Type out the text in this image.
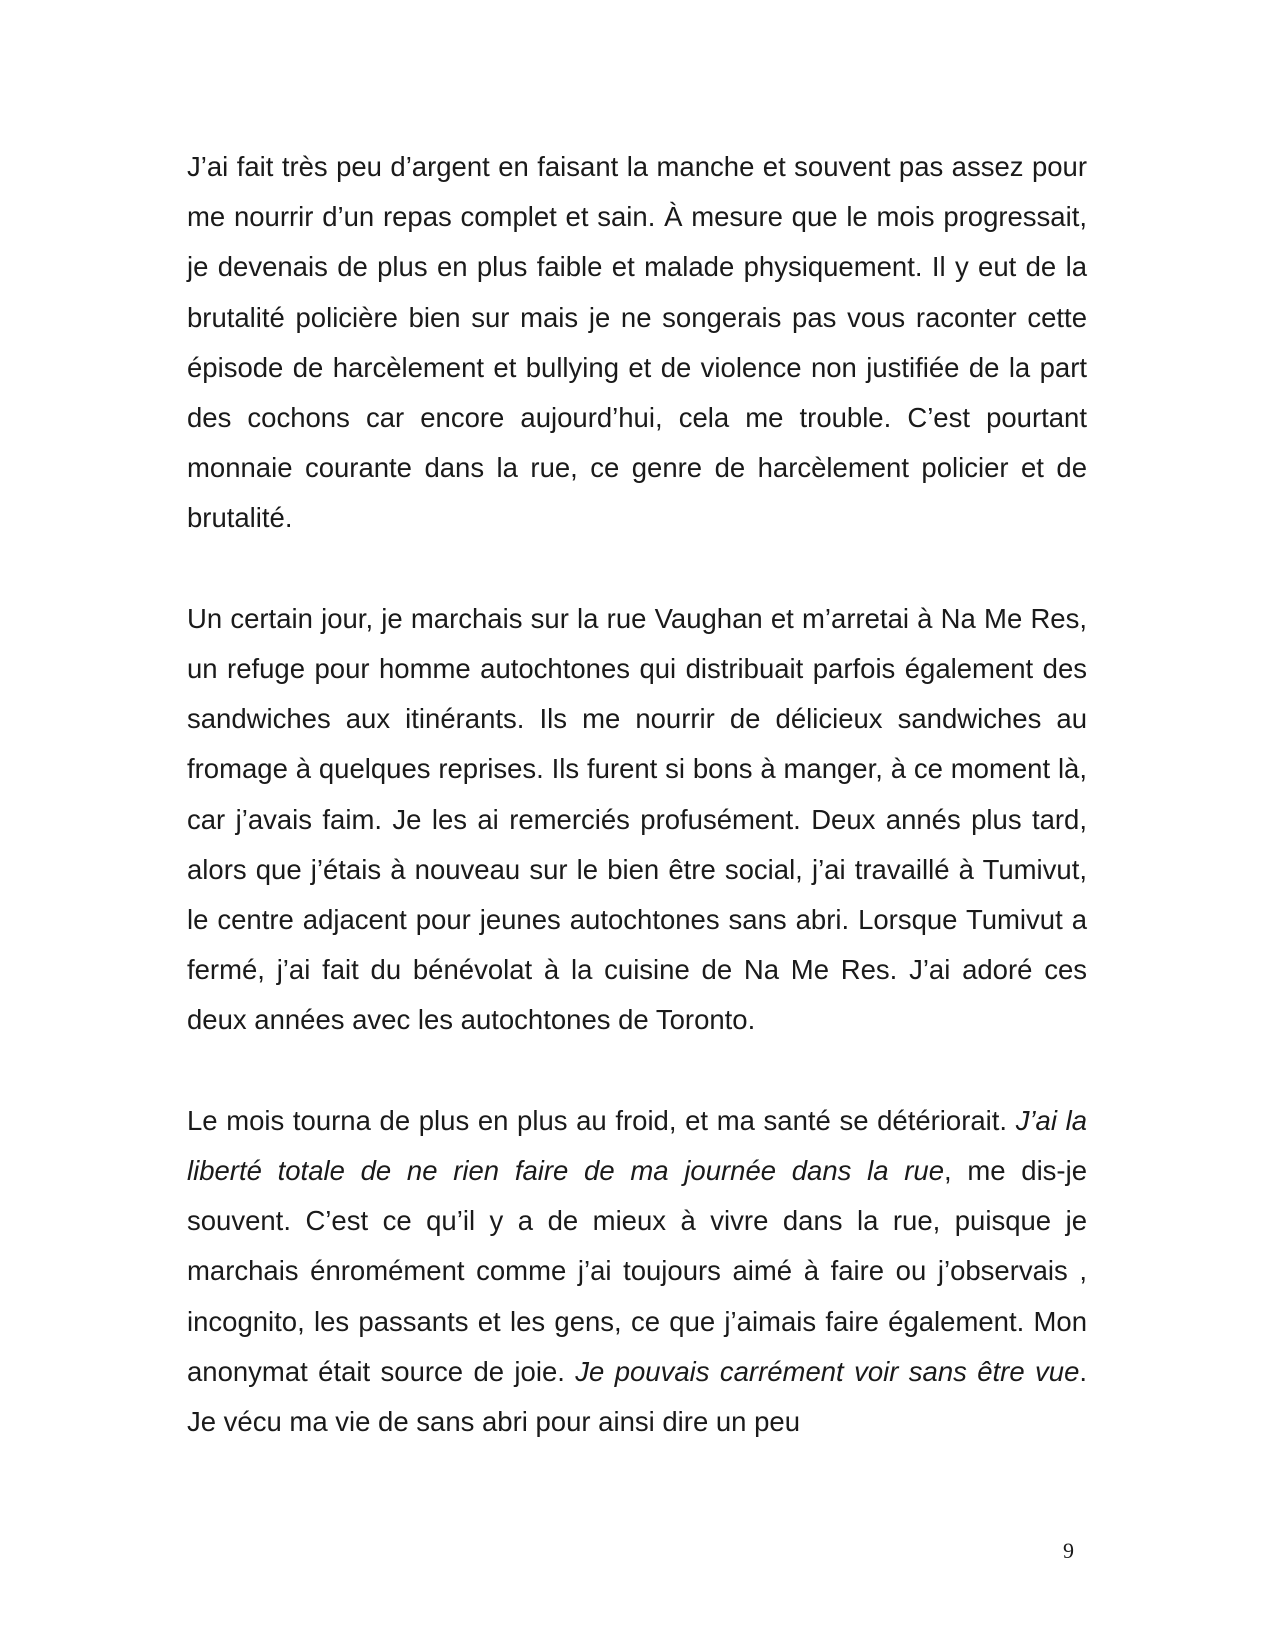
J’ai fait très peu d’argent en faisant la manche et souvent pas assez pour me nourrir d’un repas complet et sain. À mesure que le mois progressait, je devenais de plus en plus faible et malade physiquement. Il y eut de la brutalité policière bien sur mais je ne songerais pas vous raconter cette épisode de harcèlement et bullying et de violence non justifiée de la part des cochons car encore aujourd’hui, cela me trouble. C’est pourtant monnaie courante dans la rue, ce genre de harcèlement policier et de brutalité.

Un certain jour, je marchais sur la rue Vaughan et m’arretai à Na Me Res, un refuge pour homme autochtones qui distribuait parfois également des sandwiches aux itinérants. Ils me nourrir de délicieux sandwiches au fromage à quelques reprises. Ils furent si bons à manger, à ce moment là, car j’avais faim. Je les ai remerciés profusément. Deux annés plus tard, alors que j’étais à nouveau sur le bien être social, j’ai travaillé à Tumivut, le centre adjacent pour jeunes autochtones sans abri. Lorsque Tumivut a fermé, j’ai fait du bénévolat à la cuisine de Na Me Res. J’ai adoré ces deux années avec les autochtones de Toronto.

Le mois tourna de plus en plus au froid, et ma santé se détériorait. J’ai la liberté totale de ne rien faire de ma journée dans la rue, me dis-je souvent. C’est ce qu’il y a de mieux à vivre dans la rue, puisque je marchais énromément comme j’ai toujours aimé à faire ou j’observais , incognito, les passants et les gens, ce que j’aimais faire également. Mon anonymat était source de joie. Je pouvais carrément voir sans être vue. Je vécu ma vie de sans abri pour ainsi dire un peu

9
